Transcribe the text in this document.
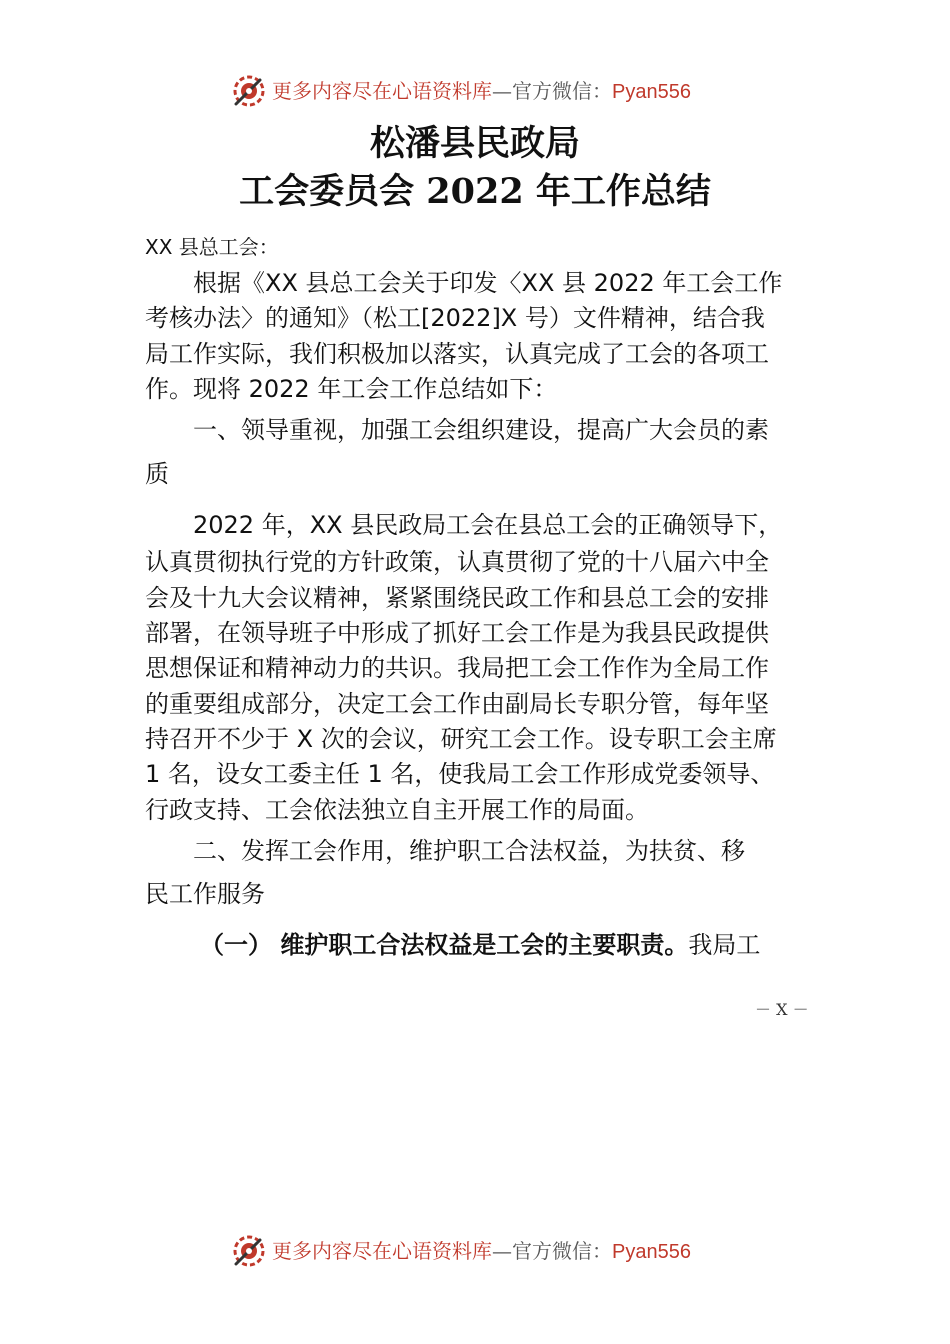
更多内容尽在心语资料库—官方微信：Pyan556
松潘县民政局
工会委员会 2022 年工作总结
XX 县总工会：
　　根据《XX 县总工会关于印发〈XX 县 2022 年工会工作
考核办法〉的通知》（松工[2022]X 号）文件精神，结合我
局工作实际，我们积极加以落实，认真完成了工会的各项工
作。现将 2022 年工会工作总结如下：
　　一、领导重视，加强工会组织建设，提高广大会员的素
质
　　2022 年，XX 县民政局工会在县总工会的正确领导下，
认真贯彻执行党的方针政策，认真贯彻了党的十八届六中全
会及十九大会议精神，紧紧围绕民政工作和县总工会的安排
部署，在领导班子中形成了抓好工会工作是为我县民政提供
思想保证和精神动力的共识。我局把工会工作作为全局工作
的重要组成部分，决定工会工作由副局长专职分管，每年坚
持召开不少于 X 次的会议，研究工会工作。设专职工会主席
1 名，设女工委主任 1 名，使我局工会工作形成党委领导、
行政支持、工会依法独立自主开展工作的局面。
　　二、发挥工会作用，维护职工合法权益，为扶贫、移
民工作服务
（一） 维护职工合法权益是工会的主要职责。我局工
－ X －
更多内容尽在心语资料库—官方微信：Pyan556
